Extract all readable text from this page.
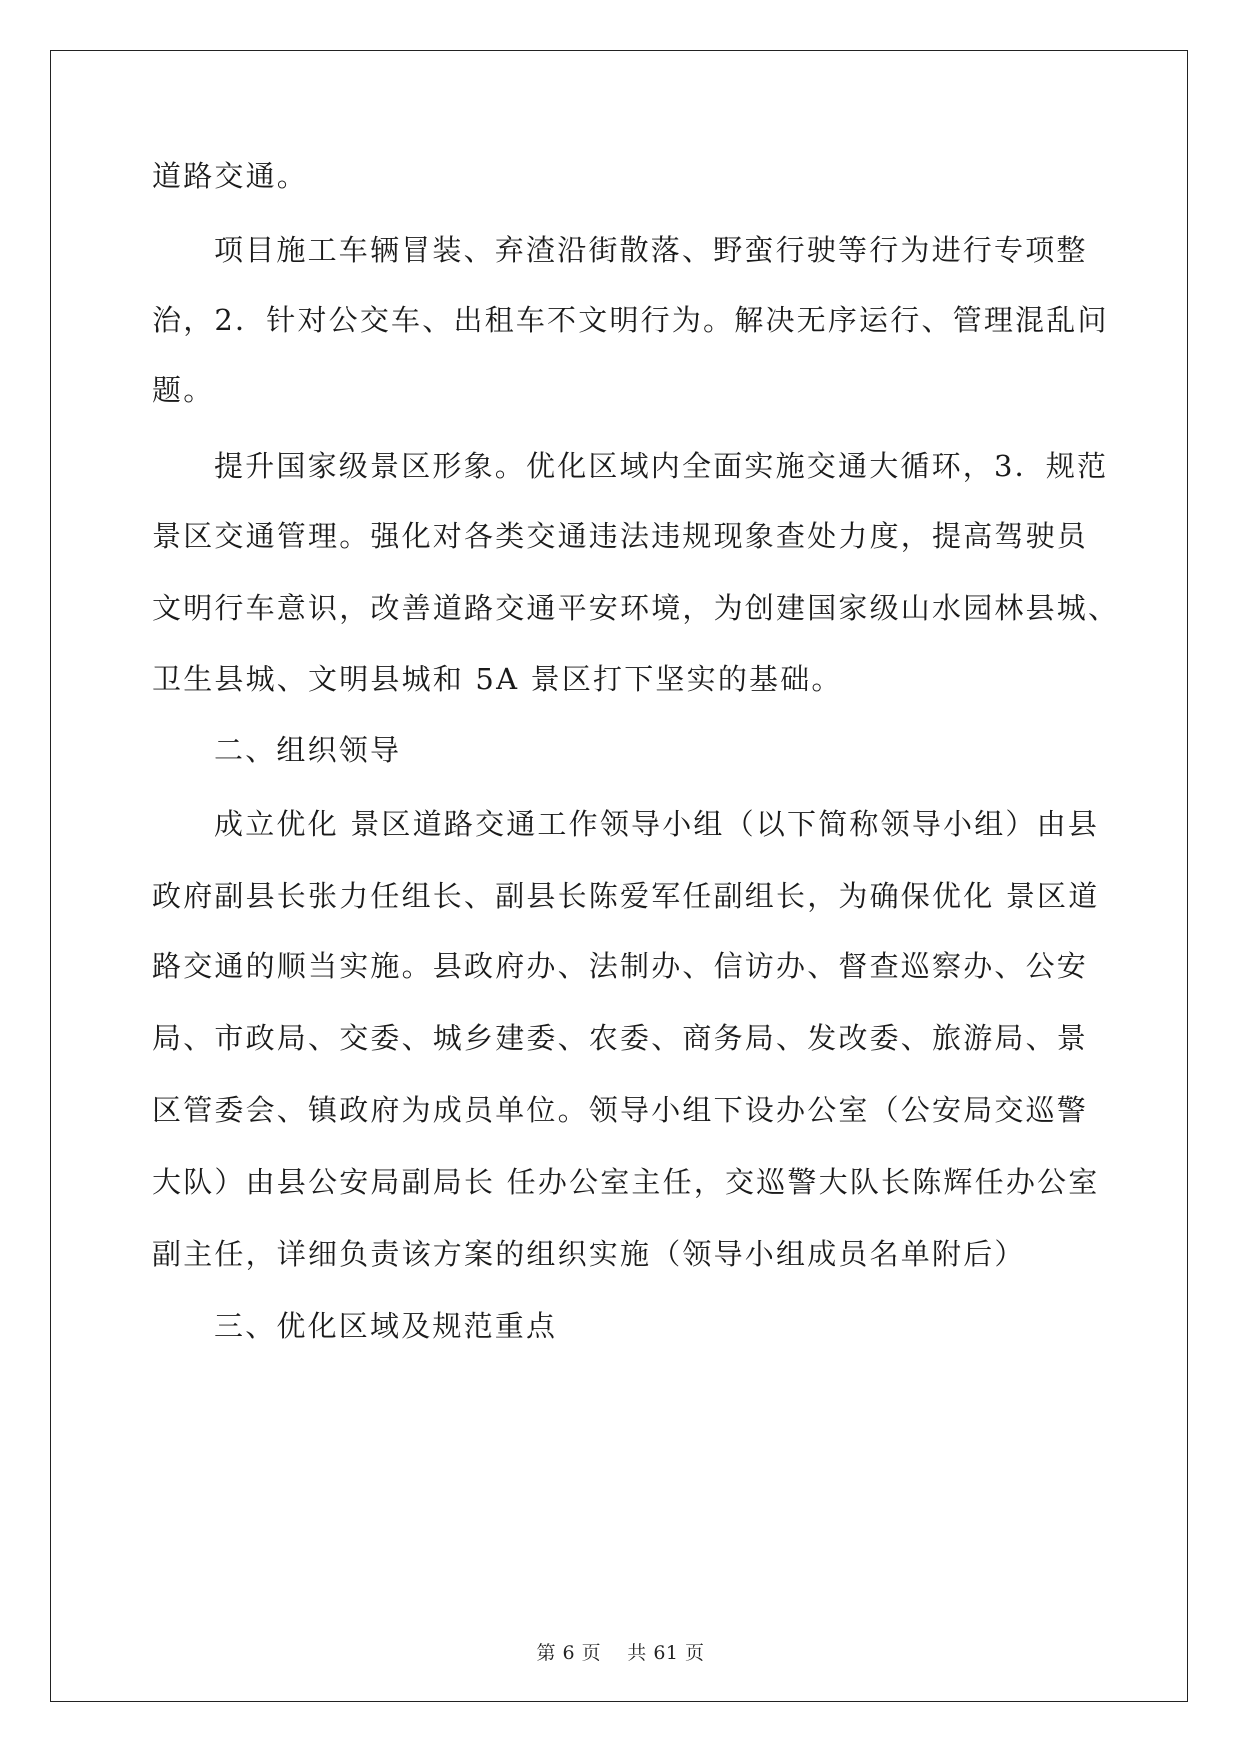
道路交通。
项目施工车辆冒装、弃渣沿街散落、野蛮行驶等行为进行专项整
治，2．针对公交车、出租车不文明行为。解决无序运行、管理混乱问
题。
提升国家级景区形象。优化区域内全面实施交通大循环，3．规范
景区交通管理。强化对各类交通违法违规现象查处力度，提高驾驶员
文明行车意识，改善道路交通平安环境，为创建国家级山水园林县城、
卫生县城、文明县城和 5A 景区打下坚实的基础。
二、组织领导
成立优化 景区道路交通工作领导小组（以下简称领导小组）由县
政府副县长张力任组长、副县长陈爱军任副组长，为确保优化 景区道
路交通的顺当实施。县政府办、法制办、信访办、督查巡察办、公安
局、市政局、交委、城乡建委、农委、商务局、发改委、旅游局、景
区管委会、镇政府为成员单位。领导小组下设办公室（公安局交巡警
大队）由县公安局副局长 任办公室主任，交巡警大队长陈辉任办公室
副主任，详细负责该方案的组织实施（领导小组成员名单附后）
三、优化区域及规范重点
第 6 页    共 61 页
